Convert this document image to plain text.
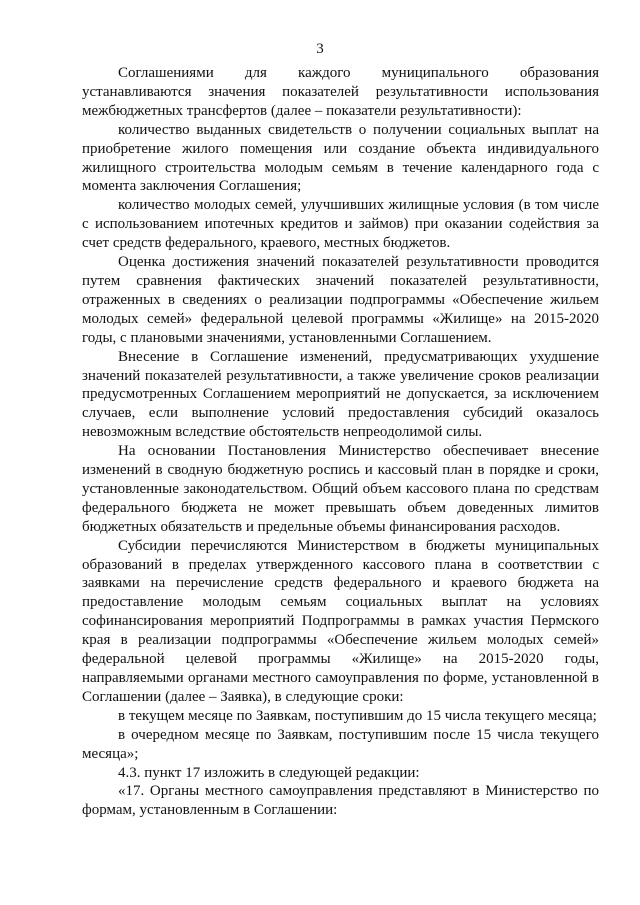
3

Соглашениями для каждого муниципального образования устанавливаются значения показателей результативности использования межбюджетных трансфертов (далее – показатели результативности):

количество выданных свидетельств о получении социальных выплат на приобретение жилого помещения или создание объекта индивидуального жилищного строительства молодым семьям в течение календарного года с момента заключения Соглашения;

количество молодых семей, улучшивших жилищные условия (в том числе с использованием ипотечных кредитов и займов) при оказании содействия за счет средств федерального, краевого, местных бюджетов.

Оценка достижения значений показателей результативности проводится путем сравнения фактических значений показателей результативности, отраженных в сведениях о реализации подпрограммы «Обеспечение жильем молодых семей» федеральной целевой программы «Жилище» на 2015-2020 годы, с плановыми значениями, установленными Соглашением.

Внесение в Соглашение изменений, предусматривающих ухудшение значений показателей результативности, а также увеличение сроков реализации предусмотренных Соглашением мероприятий не допускается, за исключением случаев, если выполнение условий предоставления субсидий оказалось невозможным вследствие обстоятельств непреодолимой силы.

На основании Постановления Министерство обеспечивает внесение изменений в сводную бюджетную роспись и кассовый план в порядке и сроки, установленные законодательством. Общий объем кассового плана по средствам федерального бюджета не может превышать объем доведенных лимитов бюджетных обязательств и предельные объемы финансирования расходов.

Субсидии перечисляются Министерством в бюджеты муниципальных образований в пределах утвержденного кассового плана в соответствии с заявками на перечисление средств федерального и краевого бюджета на предоставление молодым семьям социальных выплат на условиях софинансирования мероприятий Подпрограммы в рамках участия Пермского края в реализации подпрограммы «Обеспечение жильем молодых семей» федеральной целевой программы «Жилище» на 2015-2020 годы, направляемыми органами местного самоуправления по форме, установленной в Соглашении (далее – Заявка), в следующие сроки:

в текущем месяце по Заявкам, поступившим до 15 числа текущего месяца;

в очередном месяце по Заявкам, поступившим после 15 числа текущего месяца»;

4.3. пункт 17 изложить в следующей редакции:

«17. Органы местного самоуправления представляют в Министерство по формам, установленным в Соглашении:
